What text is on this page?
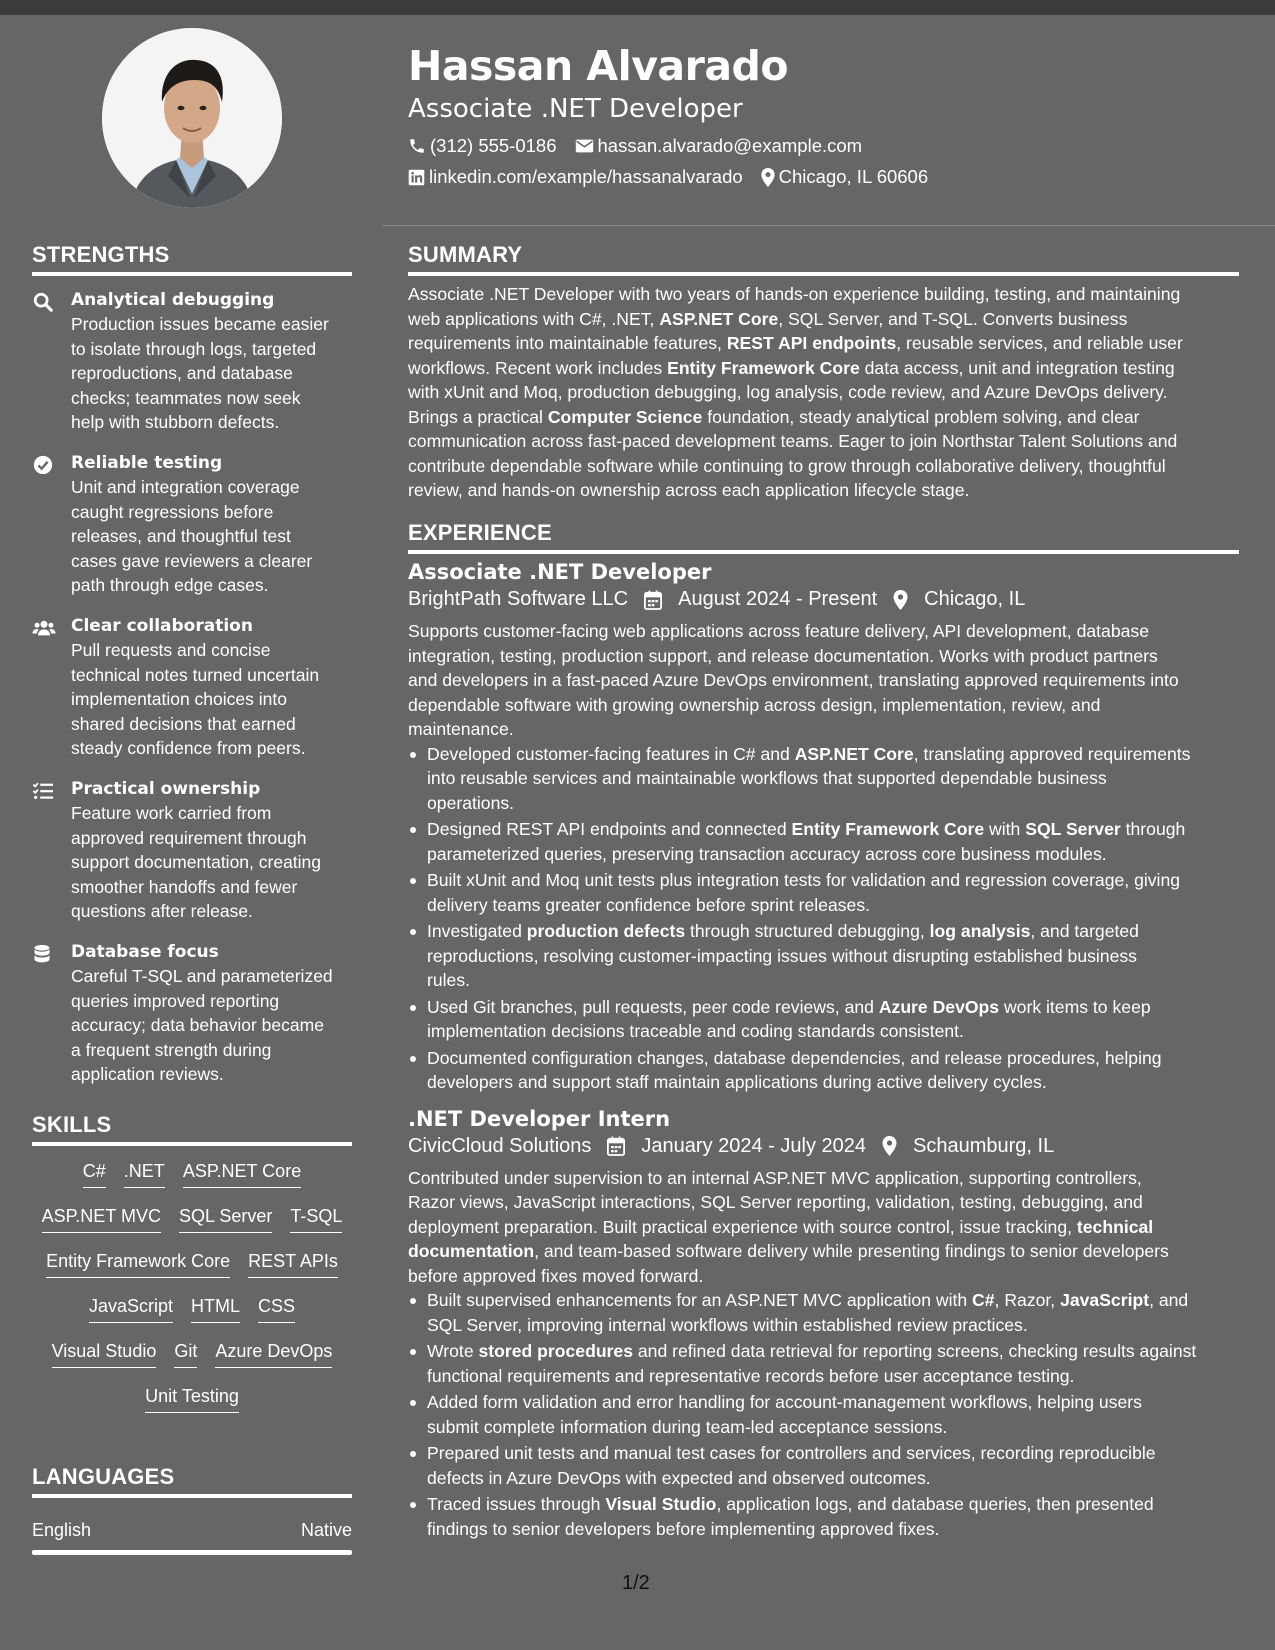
Hassan Alvarado
Associate .NET Developer
(312) 555-0186 hassan.alvarado@example.com
linkedin.com/example/hassanalvarado Chicago, IL 60606
STRENGTHS
Analytical debugging
Production issues became easier
to isolate through logs, targeted
reproductions, and database
checks; teammates now seek
help with stubborn defects.
Reliable testing
Unit and integration coverage
caught regressions before
releases, and thoughtful test
cases gave reviewers a clearer
path through edge cases.
Clear collaboration
Pull requests and concise
technical notes turned uncertain
implementation choices into
shared decisions that earned
steady confidence from peers.
Practical ownership
Feature work carried from
approved requirement through
support documentation, creating
smoother handoffs and fewer
questions after release.
Database focus
Careful T-SQL and parameterized
queries improved reporting
accuracy; data behavior became
a frequent strength during
application reviews.
SKILLS
C# .NET ASP.NET Core
ASP.NET MVC SQL Server T-SQL
Entity Framework Core REST APIs
JavaScript HTML CSS
Visual Studio Git Azure DevOps
Unit Testing
LANGUAGES
English	Native
SUMMARY
Associate .NET Developer with two years of hands-on experience building, testing, and maintaining
web applications with C#, .NET, ASP.NET Core, SQL Server, and T-SQL. Converts business
requirements into maintainable features, REST API endpoints, reusable services, and reliable user
workflows. Recent work includes Entity Framework Core data access, unit and integration testing
with xUnit and Moq, production debugging, log analysis, code review, and Azure DevOps delivery.
Brings a practical Computer Science foundation, steady analytical problem solving, and clear
communication across fast-paced development teams. Eager to join Northstar Talent Solutions and
contribute dependable software while continuing to grow through collaborative delivery, thoughtful
review, and hands-on ownership across each application lifecycle stage.
EXPERIENCE
Associate .NET Developer
BrightPath Software LLC	August 2024 - Present Chicago, IL
Supports customer-facing web applications across feature delivery, API development, database
integration, testing, production support, and release documentation. Works with product partners
and developers in a fast-paced Azure DevOps environment, translating approved requirements into
dependable software with growing ownership across design, implementation, review, and
maintenance.
Developed customer-facing features in C# and ASP.NET Core, translating approved requirements
into reusable services and maintainable workflows that supported dependable business
operations.
Designed REST API endpoints and connected Entity Framework Core with SQL Server through
parameterized queries, preserving transaction accuracy across core business modules.
Built xUnit and Moq unit tests plus integration tests for validation and regression coverage, giving
delivery teams greater confidence before sprint releases.
Investigated production defects through structured debugging, log analysis, and targeted
reproductions, resolving customer-impacting issues without disrupting established business
rules.
Used Git branches, pull requests, peer code reviews, and Azure DevOps work items to keep
implementation decisions traceable and coding standards consistent.
Documented configuration changes, database dependencies, and release procedures, helping
developers and support staff maintain applications during active delivery cycles.
.NET Developer Intern
CivicCloud Solutions	January 2024 - July 2024 Schaumburg, IL
Contributed under supervision to an internal ASP.NET MVC application, supporting controllers,
Razor views, JavaScript interactions, SQL Server reporting, validation, testing, debugging, and
deployment preparation. Built practical experience with source control, issue tracking, technical
documentation, and team-based software delivery while presenting findings to senior developers
before approved fixes moved forward.
Built supervised enhancements for an ASP.NET MVC application with C#, Razor, JavaScript, and
SQL Server, improving internal workflows within established review practices.
Wrote stored procedures and refined data retrieval for reporting screens, checking results against
functional requirements and representative records before user acceptance testing.
Added form validation and error handling for account-management workflows, helping users
submit complete information during team-led acceptance sessions.
Prepared unit tests and manual test cases for controllers and services, recording reproducible
defects in Azure DevOps with expected and observed outcomes.
Traced issues through Visual Studio, application logs, and database queries, then presented
findings to senior developers before implementing approved fixes.
1/2
